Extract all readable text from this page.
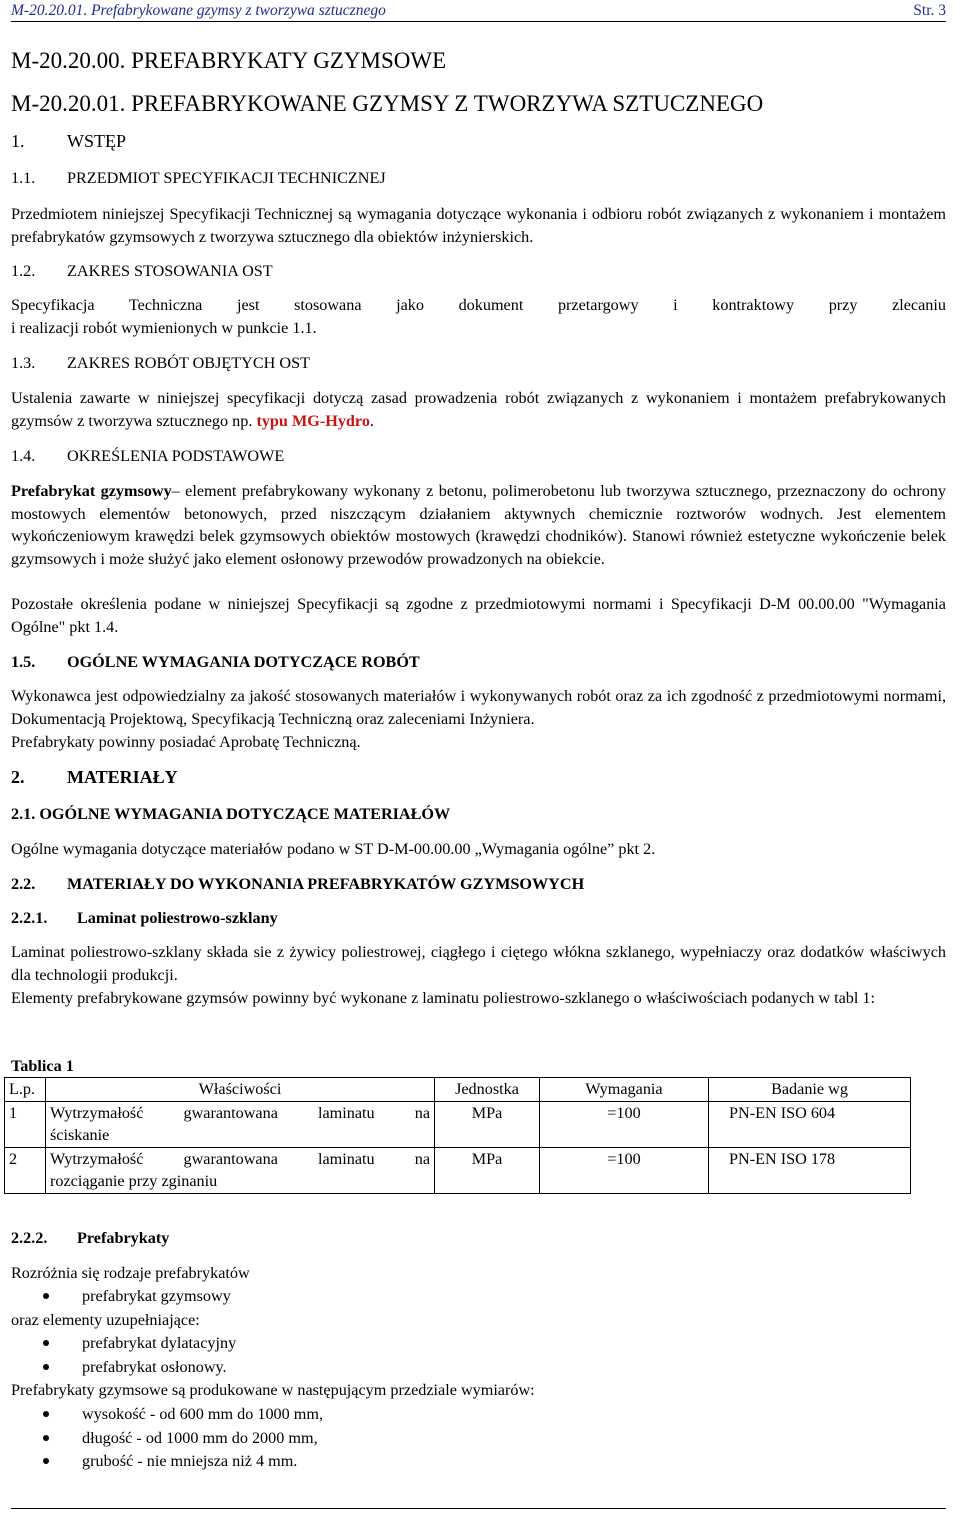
M-20.20.01. Prefabrykowane gzymsy z tworzywa sztucznego	Str. 3
M-20.20.00. PREFABRYKATY GZYMSOWE
M-20.20.01. PREFABRYKOWANE GZYMSY Z TWORZYWA SZTUCZNEGO
1. WSTĘP
1.1. PRZEDMIOT SPECYFIKACJI TECHNICZNEJ
Przedmiotem niniejszej Specyfikacji Technicznej są wymagania dotyczące wykonania i odbioru robót związanych z wykonaniem i montażem prefabrykatów gzymsowych z tworzywa sztucznego dla obiektów inżynierskich.
1.2. ZAKRES STOSOWANIA OST
Specyfikacja Techniczna jest stosowana jako dokument przetargowy i kontraktowy przy zlecaniu
i realizacji robót wymienionych w punkcie 1.1.
1.3. ZAKRES ROBÓT OBJĘTYCH OST
Ustalenia zawarte w niniejszej specyfikacji dotyczą zasad prowadzenia robót związanych z wykonaniem i montażem prefabrykowanych gzymsów z tworzywa sztucznego np. typu MG-Hydro.
1.4. OKREŚLENIA PODSTAWOWE
Prefabrykat gzymsowy– element prefabrykowany wykonany z betonu, polimerobetonu lub tworzywa sztucznego, przeznaczony do ochrony mostowych elementów betonowych, przed niszczącym działaniem aktywnych chemicznie roztworów wodnych. Jest elementem wykończeniowym krawędzi belek gzymsowych obiektów mostowych (krawędzi chodników). Stanowi również estetyczne wykończenie belek gzymsowych i może służyć jako element osłonowy przewodów prowadzonych na obiekcie.
Pozostałe określenia podane w niniejszej Specyfikacji są zgodne z przedmiotowymi normami i Specyfikacji D-M 00.00.00 "Wymagania Ogólne" pkt 1.4.
1.5. OGÓLNE WYMAGANIA DOTYCZĄCE ROBÓT
Wykonawca jest odpowiedzialny za jakość stosowanych materiałów i wykonywanych robót oraz za ich zgodność z przedmiotowymi normami, Dokumentacją Projektową, Specyfikacją Techniczną oraz zaleceniami Inżyniera.
Prefabrykaty powinny posiadać Aprobatę Techniczną.
2. MATERIAŁY
2.1. OGÓLNE WYMAGANIA DOTYCZĄCE MATERIAŁÓW
Ogólne wymagania dotyczące materiałów podano w ST D-M-00.00.00 „Wymagania ogólne” pkt 2.
2.2. MATERIAŁY DO WYKONANIA PREFABRYKATÓW GZYMSOWYCH
2.2.1. Laminat poliestrowo-szklany
Laminat poliestrowo-szklany składa sie z żywicy poliestrowej, ciągłego i ciętego włókna szklanego, wypełniaczy oraz dodatków właściwych dla technologii produkcji.
Elementy prefabrykowane gzymsów powinny być wykonane z laminatu poliestrowo-szklanego o właściwościach podanych w tabl 1:
Tablica 1
L.p.	Właściwości	Jednostka	Wymagania	Badanie wg
1	Wytrzymałość gwarantowana laminatu na
ściskanie	MPa	=100	PN-EN ISO 604
2	Wytrzymałość gwarantowana laminatu na
rozciąganie przy zginaniu	MPa	=100	PN-EN ISO 178
2.2.2. Prefabrykaty
Rozróżnia się rodzaje prefabrykatów
prefabrykat gzymsowy
oraz elementy uzupełniające:
prefabrykat dylatacyjny
prefabrykat osłonowy.
Prefabrykaty gzymsowe są produkowane w następującym przedziale wymiarów:
wysokość - od 600 mm do 1000 mm,
długość - od 1000 mm do 2000 mm,
grubość - nie mniejsza niż 4 mm.
